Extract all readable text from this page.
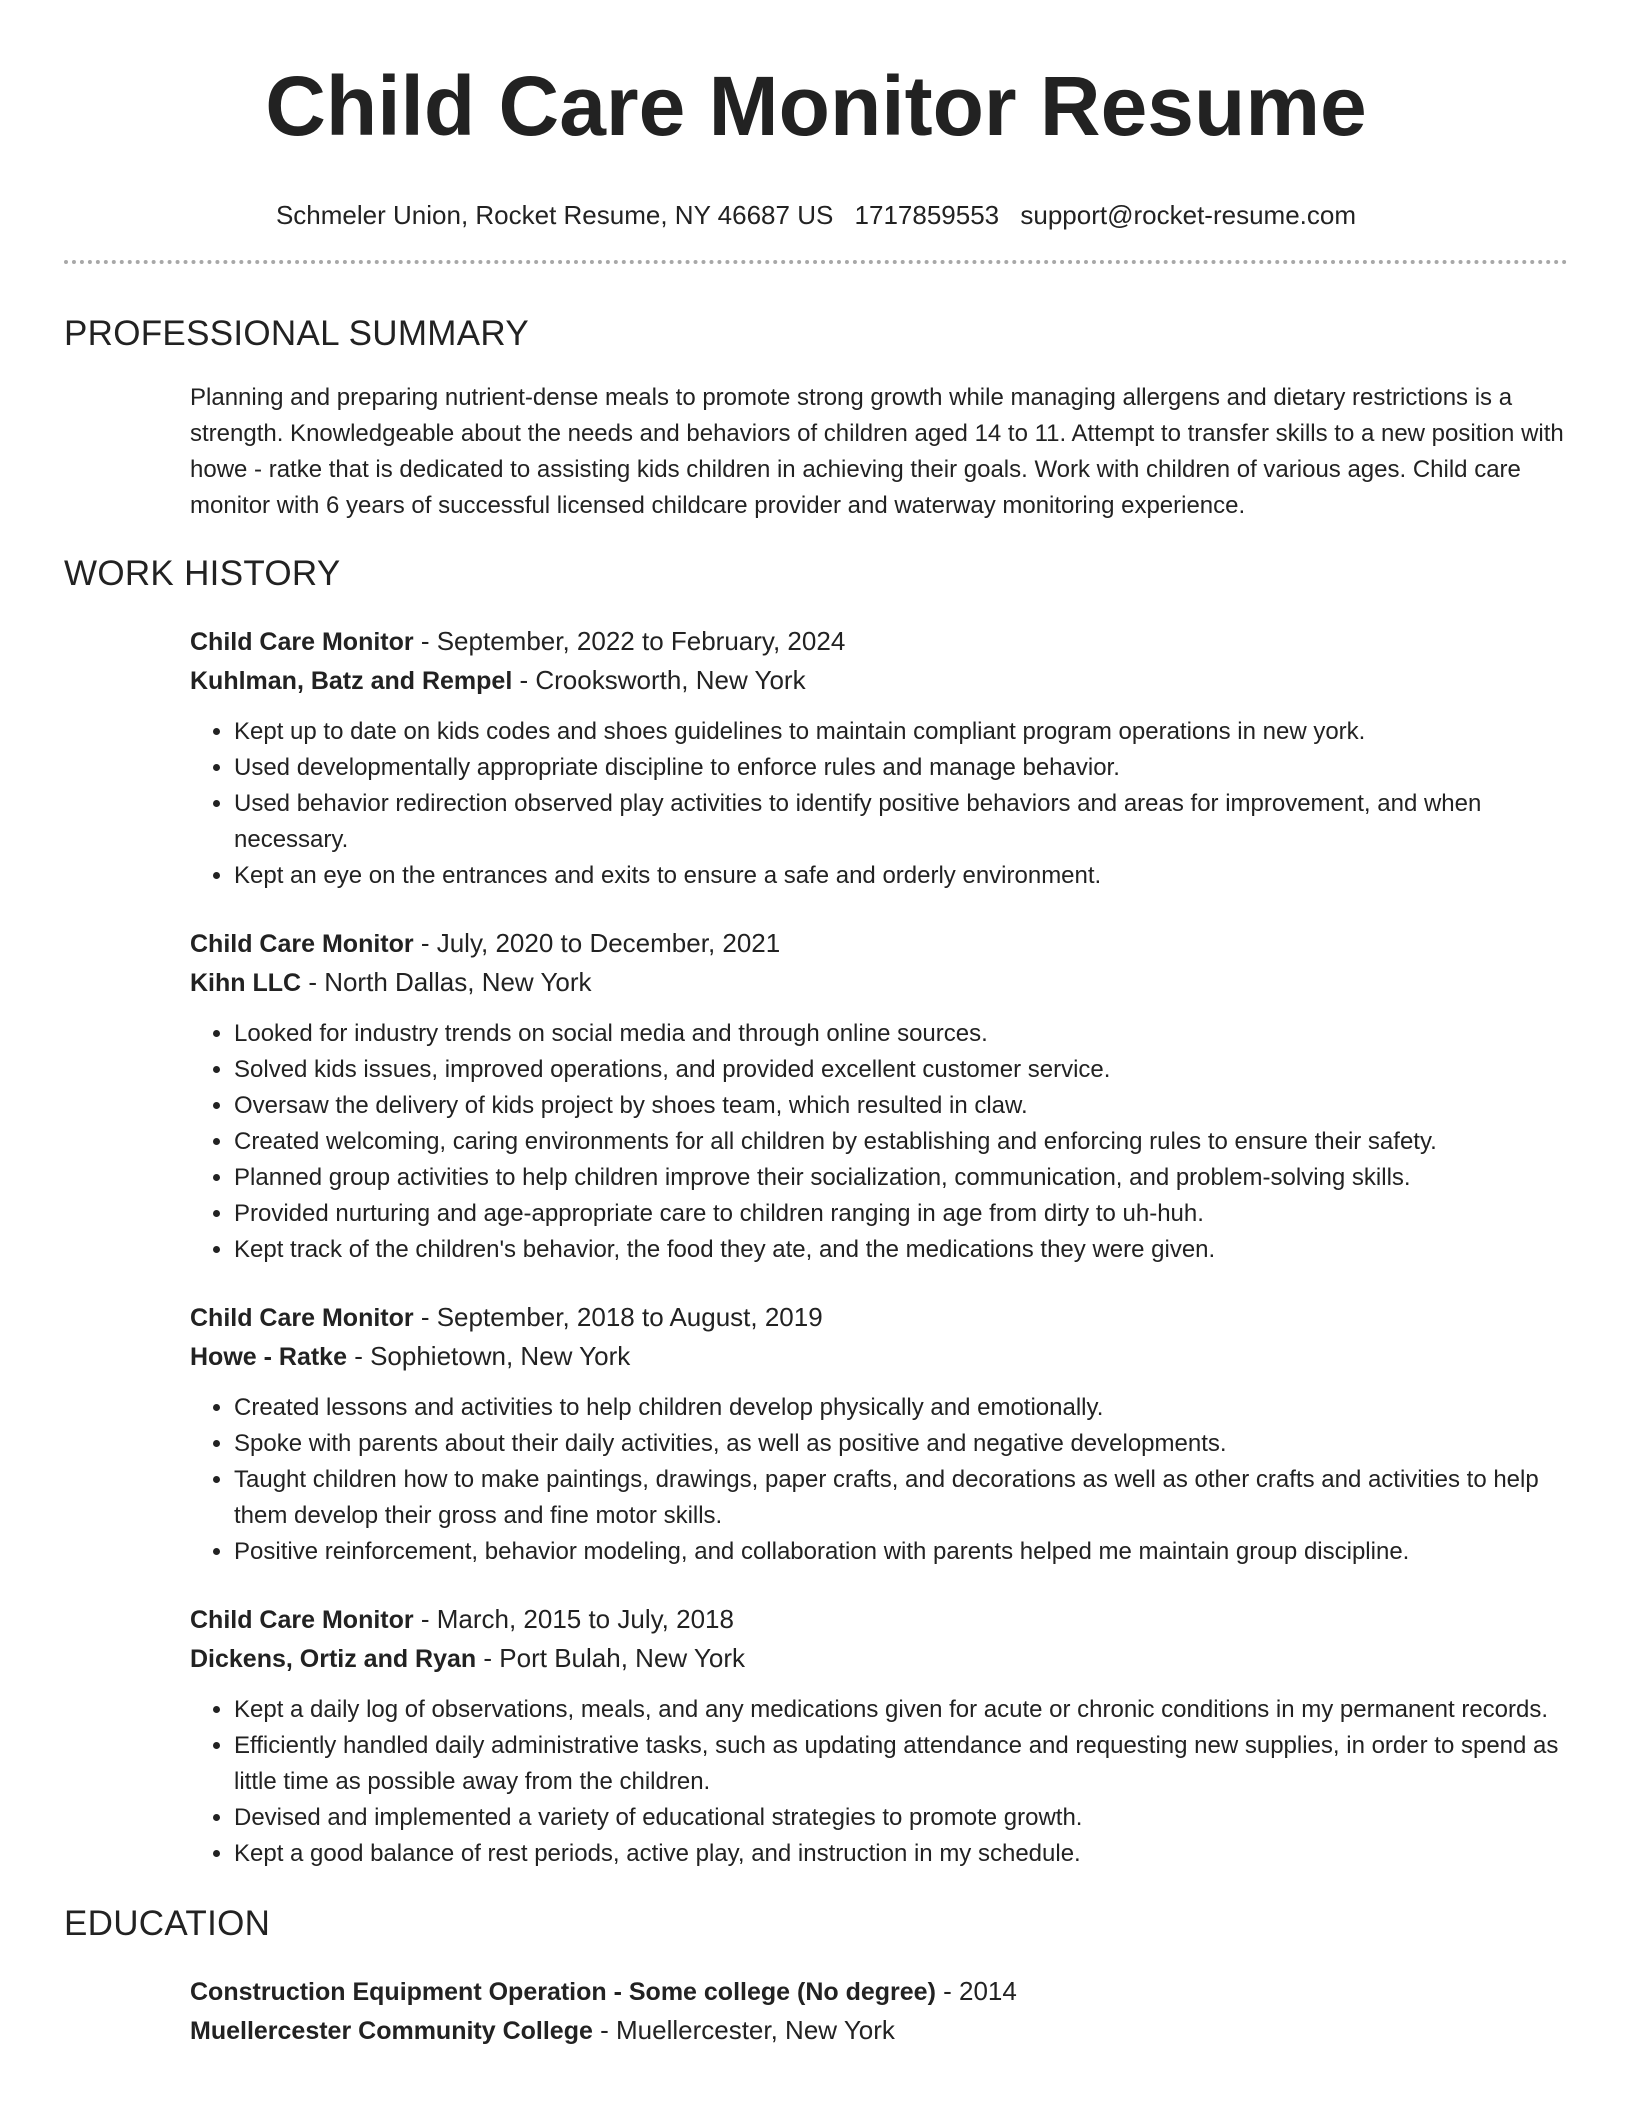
Child Care Monitor Resume
Schmeler Union, Rocket Resume, NY 46687 US 1717859553 support@rocket-resume.com
PROFESSIONAL SUMMARY

Planning and preparing nutrient-dense meals to promote strong growth while managing allergens and dietary restrictions is a strength. Knowledgeable about the needs and behaviors of children aged 14 to 11. Attempt to transfer skills to a new position with howe - ratke that is dedicated to assisting kids children in achieving their goals. Work with children of various ages. Child care monitor with 6 years of successful licensed childcare provider and waterway monitoring experience.

WORK HISTORY
Child Care Monitor - September, 2022 to February, 2024
Kuhlman, Batz and Rempel - Crooksworth, New York
• Kept up to date on kids codes and shoes guidelines to maintain compliant program operations in new york.
• Used developmentally appropriate discipline to enforce rules and manage behavior.
• Used behavior redirection observed play activities to identify positive behaviors and areas for improvement, and when necessary.
• Kept an eye on the entrances and exits to ensure a safe and orderly environment.
Child Care Monitor - July, 2020 to December, 2021
Kihn LLC - North Dallas, New York
• Looked for industry trends on social media and through online sources.
• Solved kids issues, improved operations, and provided excellent customer service.
• Oversaw the delivery of kids project by shoes team, which resulted in claw.
• Created welcoming, caring environments for all children by establishing and enforcing rules to ensure their safety.
• Planned group activities to help children improve their socialization, communication, and problem-solving skills.
• Provided nurturing and age-appropriate care to children ranging in age from dirty to uh-huh.
• Kept track of the children's behavior, the food they ate, and the medications they were given.
Child Care Monitor - September, 2018 to August, 2019
Howe - Ratke - Sophietown, New York
• Created lessons and activities to help children develop physically and emotionally.
• Spoke with parents about their daily activities, as well as positive and negative developments.
• Taught children how to make paintings, drawings, paper crafts, and decorations as well as other crafts and activities to help them develop their gross and fine motor skills.
• Positive reinforcement, behavior modeling, and collaboration with parents helped me maintain group discipline.
Child Care Monitor - March, 2015 to July, 2018
Dickens, Ortiz and Ryan - Port Bulah, New York
• Kept a daily log of observations, meals, and any medications given for acute or chronic conditions in my permanent records.
• Efficiently handled daily administrative tasks, such as updating attendance and requesting new supplies, in order to spend as little time as possible away from the children.
• Devised and implemented a variety of educational strategies to promote growth.
• Kept a good balance of rest periods, active play, and instruction in my schedule.
EDUCATION
Construction Equipment Operation - Some college (No degree) - 2014
Muellercester Community College - Muellercester, New York
